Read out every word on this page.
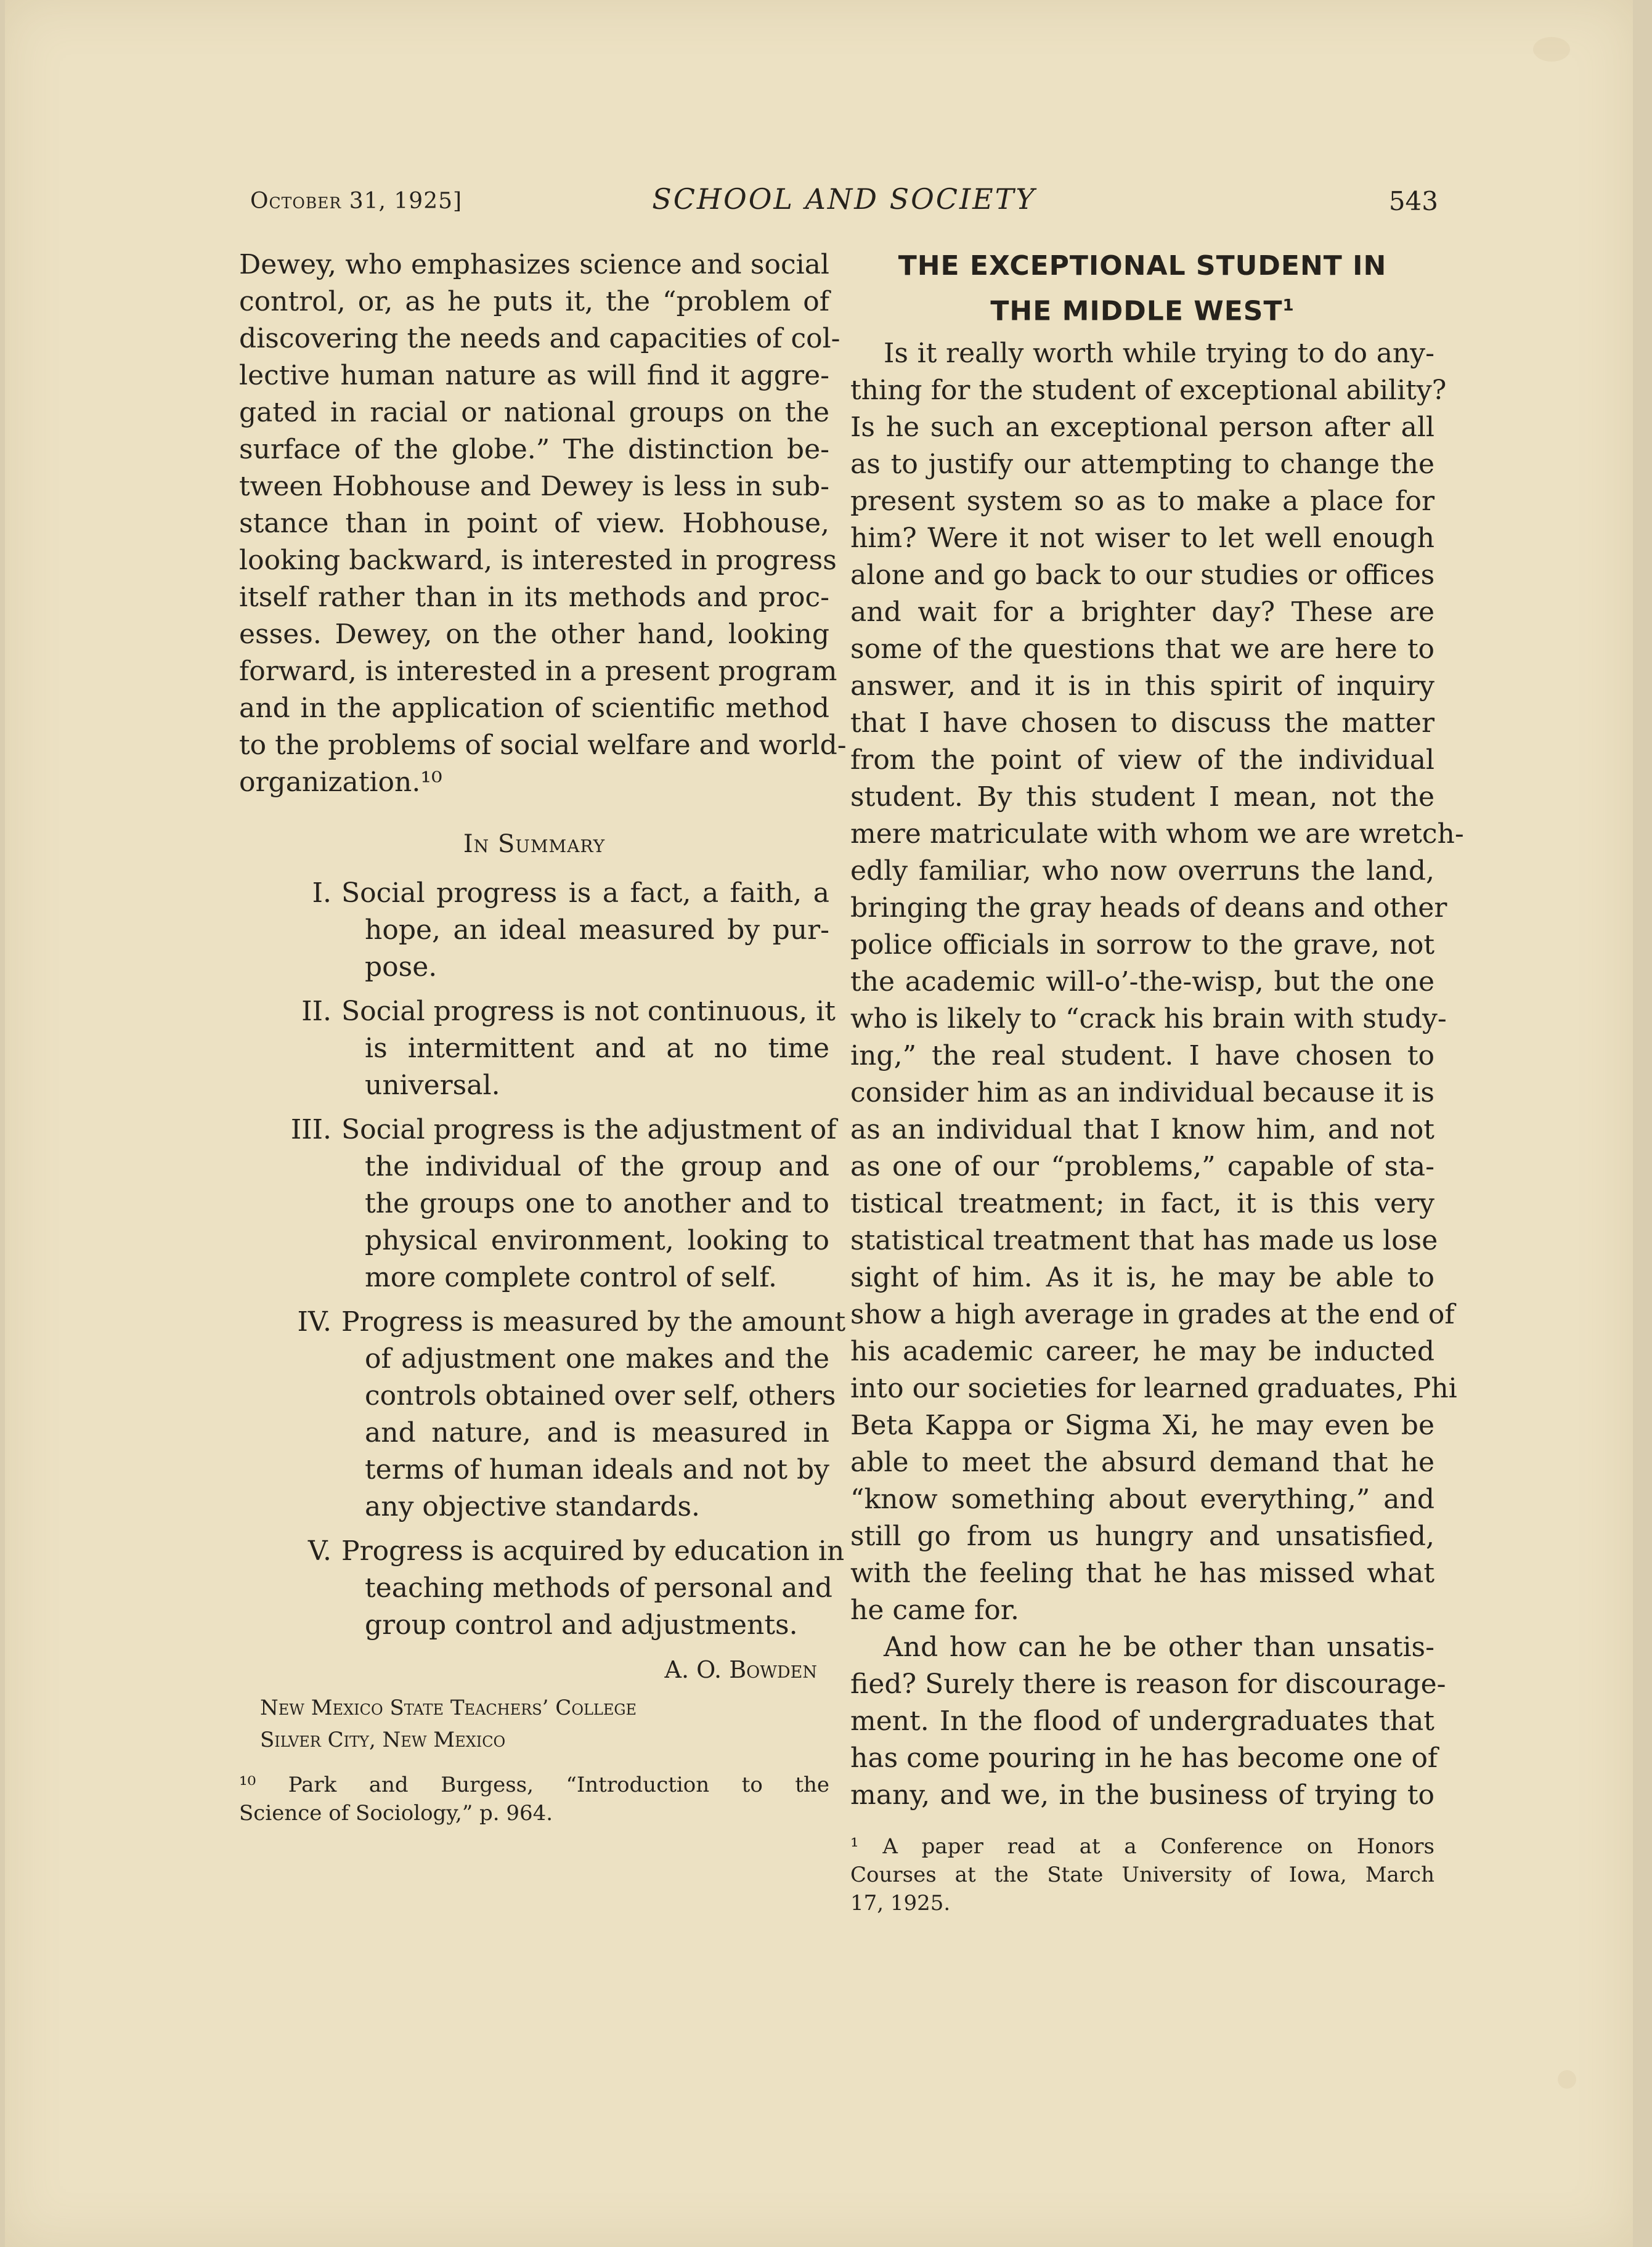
October 31, 1925]	SCHOOL AND SOCIETY	543
Dewey, who emphasizes science and social
control, or, as he puts it, the “problem of
discovering the needs and capacities of col-
lective human nature as will find it aggre-
gated in racial or national groups on the
surface of the globe.” The distinction be-
tween Hobhouse and Dewey is less in sub-
stance than in point of view. Hobhouse,
looking backward, is interested in progress
itself rather than in its methods and proc-
esses. Dewey, on the other hand, looking
forward, is interested in a present program
and in the application of scientific method
to the problems of social welfare and world-
organization.¹⁰
In Summary
I. Social progress is a fact, a faith, a
hope, an ideal measured by pur-
pose.
II. Social progress is not continuous, it
is intermittent and at no time
universal.
III. Social progress is the adjustment of
the individual of the group and
the groups one to another and to
physical environment, looking to
more complete control of self.
IV. Progress is measured by the amount
of adjustment one makes and the
controls obtained over self, others
and nature, and is measured in
terms of human ideals and not by
any objective standards.
V. Progress is acquired by education in
teaching methods of personal and
group control and adjustments.
A. O. Bowden
New Mexico State Teachers’ College
Silver City, New Mexico
¹⁰ Park and Burgess, “Introduction to the
Science of Sociology,” p. 964.
THE EXCEPTIONAL STUDENT IN
THE MIDDLE WEST$^1$
Is it really worth while trying to do any-
thing for the student of exceptional ability?
Is he such an exceptional person after all
as to justify our attempting to change the
present system so as to make a place for
him? Were it not wiser to let well enough
alone and go back to our studies or offices
and wait for a brighter day? These are
some of the questions that we are here to
answer, and it is in this spirit of inquiry
that I have chosen to discuss the matter
from the point of view of the individual
student. By this student I mean, not the
mere matriculate with whom we are wretch-
edly familiar, who now overruns the land,
bringing the gray heads of deans and other
police officials in sorrow to the grave, not
the academic will-o’-the-wisp, but the one
who is likely to “crack his brain with study-
ing,” the real student. I have chosen to
consider him as an individual because it is
as an individual that I know him, and not
as one of our “problems,” capable of sta-
tistical treatment; in fact, it is this very
statistical treatment that has made us lose
sight of him. As it is, he may be able to
show a high average in grades at the end of
his academic career, he may be inducted
into our societies for learned graduates, Phi
Beta Kappa or Sigma Xi, he may even be
able to meet the absurd demand that he
“know something about everything,” and
still go from us hungry and unsatisfied,
with the feeling that he has missed what
he came for.
And how can he be other than unsatis-
fied? Surely there is reason for discourage-
ment. In the flood of undergraduates that
has come pouring in he has become one of
many, and we, in the business of trying to
¹ A paper read at a Conference on Honors
Courses at the State University of Iowa, March
17, 1925.
